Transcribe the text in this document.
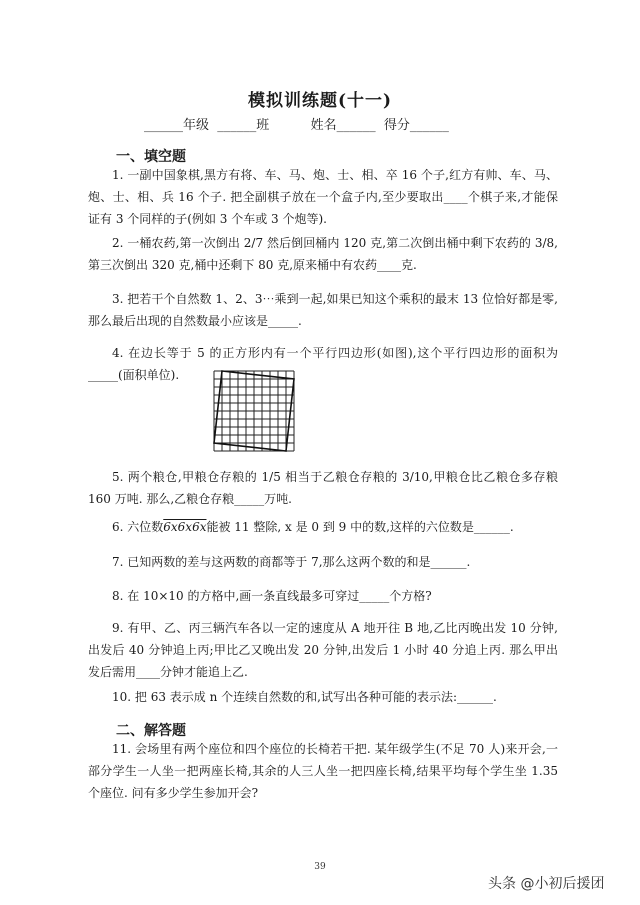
模拟训练题(十一)
______年级  ______班          姓名______  得分______
一、填空题
1. 一副中国象棋,黑方有将、车、马、炮、士、相、卒 16 个子,红方有帅、车、马、炮、士、相、兵 16 个子. 把全副棋子放在一个盒子内,至少要取出____个棋子来,才能保证有 3 个同样的子(例如 3 个车或 3 个炮等).
2. 一桶农药,第一次倒出 2/7 然后倒回桶内 120 克,第二次倒出桶中剩下农药的 3/8,第三次倒出 320 克,桶中还剩下 80 克,原来桶中有农药____克.
3. 把若干个自然数 1、2、3⋯乘到一起,如果已知这个乘积的最末 13 位恰好都是零,那么最后出现的自然数最小应该是_____.
4. 在边长等于 5 的正方形内有一个平行四边形(如图),这个平行四边形的面积为_____(面积单位).
5. 两个粮仓,甲粮仓存粮的 1/5 相当于乙粮仓存粮的 3/10,甲粮仓比乙粮仓多存粮 160 万吨. 那么,乙粮仓存粮_____万吨.
6. 六位数6x6x6x能被 11 整除, x 是 0 到 9 中的数,这样的六位数是______.
7. 已知两数的差与这两数的商都等于 7,那么这两个数的和是______.
8. 在 10×10 的方格中,画一条直线最多可穿过_____个方格?
9. 有甲、乙、丙三辆汽车各以一定的速度从 A 地开往 B 地,乙比丙晚出发 10 分钟,出发后 40 分钟追上丙;甲比乙又晚出发 20 分钟,出发后 1 小时 40 分追上丙. 那么甲出发后需用____分钟才能追上乙.
10. 把 63 表示成 n 个连续自然数的和,试写出各种可能的表示法:______.
二、解答题
11. 会场里有两个座位和四个座位的长椅若干把. 某年级学生(不足 70 人)来开会,一部分学生一人坐一把两座长椅,其余的人三人坐一把四座长椅,结果平均每个学生坐 1.35 个座位. 问有多少学生参加开会?
39
头条 @小初后援团
